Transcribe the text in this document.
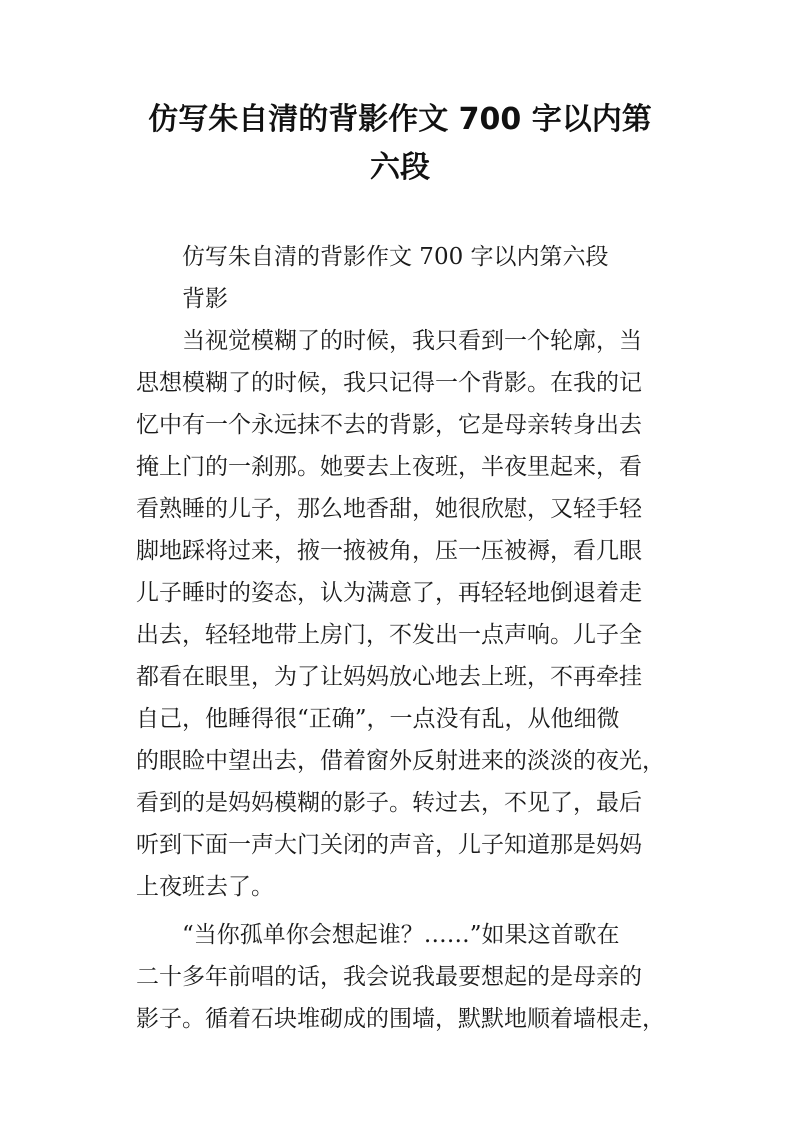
仿写朱自清的背影作文 700 字以内第
六段
仿写朱自清的背影作文 700 字以内第六段
背影
当视觉模糊了的时候，我只看到一个轮廓，当
思想模糊了的时候，我只记得一个背影。在我的记
忆中有一个永远抹不去的背影，它是母亲转身出去
掩上门的一刹那。她要去上夜班，半夜里起来，看
看熟睡的儿子，那么地香甜，她很欣慰，又轻手轻
脚地踩将过来，掖一掖被角，压一压被褥，看几眼
儿子睡时的姿态，认为满意了，再轻轻地倒退着走
出去，轻轻地带上房门，不发出一点声响。儿子全
都看在眼里，为了让妈妈放心地去上班，不再牵挂
自己，他睡得很“正确”，一点没有乱，从他细微
的眼睑中望出去，借着窗外反射进来的淡淡的夜光，
看到的是妈妈模糊的影子。转过去，不见了，最后
听到下面一声大门关闭的声音，儿子知道那是妈妈
上夜班去了。
“当你孤单你会想起谁？……”如果这首歌在
二十多年前唱的话，我会说我最要想起的是母亲的
影子。循着石块堆砌成的围墙，默默地顺着墙根走，
